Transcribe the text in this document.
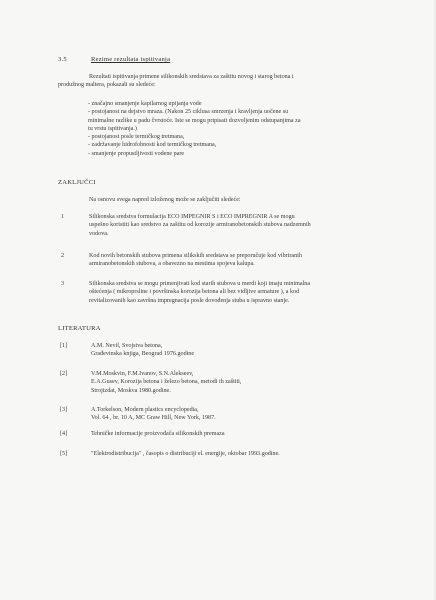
3.5	Rezime rezultata ispitivanja
Rezultati ispitivanja primene silikonskih sredstava za zaštitu novog i starog betona i
produžnog maltera, pokazali su sledeće:
- značajno smanjenje kapilarnog upijanja vode
- postojanost na dejstvo mraza. (Nakon 25 ciklusa smrzenja i kravljenja uočene su
minimalne razlike u padu čvrstoće. Iste se mogu pripisati dozvoljenim odstupanjima za
tu vrstu ispitivanja.)
- postojanost posle termičkog tretmana,
- zadržavanje hidrofobnosti kod termičkog tretmana,
- smanjenje propustljivosti vodene pare
ZAKLJUČCI
Na osnovu svega napred izloženog može se zaključiti sledeće:
1	Silikonska sredstva formulacija ECO IMPEGNIR S i ECO IMPREGNIR A se mogu
uspešno koristiti kao sredstvo za zaštitu od korozije armiranobetonskih stubova nadzemnih
vodova.
2	Kod novih betonskih stubova primena silikskih sredstava se preporučuje kod vibriranih
armiranobetonskih stubova, a obavezno na mestima spojeva kalupa.
3	Silikonska sredstva se mogu primenjivati kod starih stubova u merdi koji imaju minimalna
oštećenja ( mikroprsline i površinska korozija betona ali bez vidljive armature ), a kod
revitalizovanih kao završna impregnacija posle dovođenja stuba u ispravno stanje.
LITERATURA
[1]	A.M. Nevil, Svojstva betona,
Građevinska knjiga, Beograd 1976.godine
[2]	V.M.Moskvin, F.M.Ivanov, S.N.Alekseev,
E.A.Gusev, Korozija betona i železo betona, metodi ih zaštiti,
Strojizdat, Moskva 1980.godine.
[3]	A.Torkelson, Modern plastics encyclopedia,
Vol. 64 , br. 10 A, MC Graw Hill, New York, 1987.
[4]	Tehničke informacije proizvođača silikonskih premaza
[5]	"Elektrodistribucija" , časopis o distribuciji el. energije, oktobar 1993.godine.
